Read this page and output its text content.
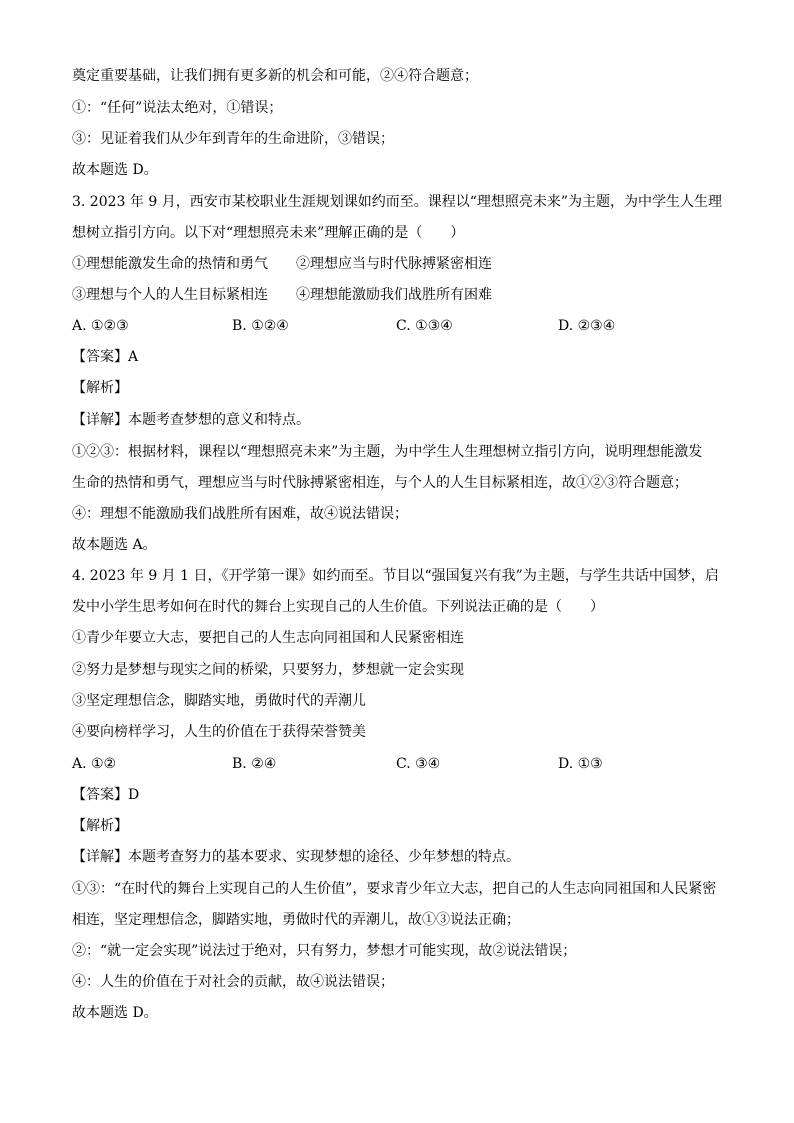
奠定重要基础，让我们拥有更多新的机会和可能，②④符合题意；
①：“任何”说法太绝对，①错误；
③：见证着我们从少年到青年的生命进阶，③错误；
故本题选 D。
3. 2023 年 9 月，西安市某校职业生涯规划课如约而至。课程以“理想照亮未来”为主题，为中学生人生理
想树立指引方向。以下对“理想照亮未来”理解正确的是（　　）
①理想能激发生命的热情和勇气　　②理想应当与时代脉搏紧密相连
③理想与个人的人生目标紧相连　　④理想能激励我们战胜所有困难
A. ①②③	B. ①②④	C. ①③④	D. ②③④
【答案】A
【解析】
【详解】本题考查梦想的意义和特点。
①②③：根据材料，课程以“理想照亮未来”为主题，为中学生人生理想树立指引方向，说明理想能激发
生命的热情和勇气，理想应当与时代脉搏紧密相连，与个人的人生目标紧相连，故①②③符合题意；
④：理想不能激励我们战胜所有困难，故④说法错误；
故本题选 A。
4. 2023 年 9 月 1 日，《开学第一课》如约而至。节目以“强国复兴有我”为主题，与学生共话中国梦，启
发中小学生思考如何在时代的舞台上实现自己的人生价值。下列说法正确的是（　　）
①青少年要立大志，要把自己的人生志向同祖国和人民紧密相连
②努力是梦想与现实之间的桥梁，只要努力，梦想就一定会实现
③坚定理想信念，脚踏实地，勇做时代的弄潮儿
④要向榜样学习，人生的价值在于获得荣誉赞美
A. ①②	B. ②④	C. ③④	D. ①③
【答案】D
【解析】
【详解】本题考查努力的基本要求、实现梦想的途径、少年梦想的特点。
①③：“在时代的舞台上实现自己的人生价值”，要求青少年立大志，把自己的人生志向同祖国和人民紧密
相连，坚定理想信念，脚踏实地，勇做时代的弄潮儿，故①③说法正确；
②：“就一定会实现”说法过于绝对，只有努力，梦想才可能实现，故②说法错误；
④：人生的价值在于对社会的贡献，故④说法错误；
故本题选 D。
